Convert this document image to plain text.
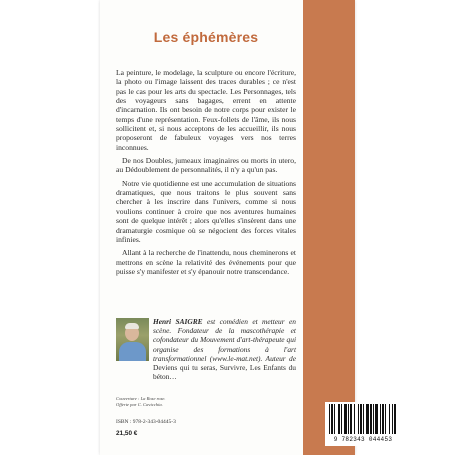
Les éphémères

La peinture, le modelage, la sculpture ou encore l'écriture, la photo ou l'image laissent des traces durables ; ce n'est pas le cas pour les arts du spectacle. Les Personnages, tels des voyageurs sans bagages, errent en attente d'incarnation. Ils ont besoin de notre corps pour exister le temps d'une représentation. Feux-follets de l'âme, ils nous sollicitent et, si nous acceptons de les accueillir, ils nous proposeront de fabuleux voyages vers nos terres inconnues.

De nos Doubles, jumeaux imaginaires ou morts in utero, au Dédoublement de personnalités, il n'y a qu'un pas.

Notre vie quotidienne est une accumulation de situations dramatiques, que nous traitons le plus souvent sans chercher à les inscrire dans l'univers, comme si nous voulions continuer à croire que nos aventures humaines sont de quelque intérêt ; alors qu'elles s'insèrent dans une dramaturgie cosmique où se négocient des forces vitales infinies.

Allant à la recherche de l'inattendu, nous cheminerons et mettrons en scène la relativité des événements pour que puisse s'y manifester et s'y épanouir notre transcendance.

Henri SAIGRE est comédien et metteur en scène. Fondateur de la mascothérapie et cofondateur du Mouvement d'art-thérapeute qui organise des formations à l'art transformationnel (www.le-mat.net). Auteur de Deviens qui tu seras, Survivre, Les Enfants du béton…
Couverture : La Rose rose.
Offerte par C. Cavicchia.
ISBN : 978-2-343-04445-3
21,50 €
9 782343 044453
